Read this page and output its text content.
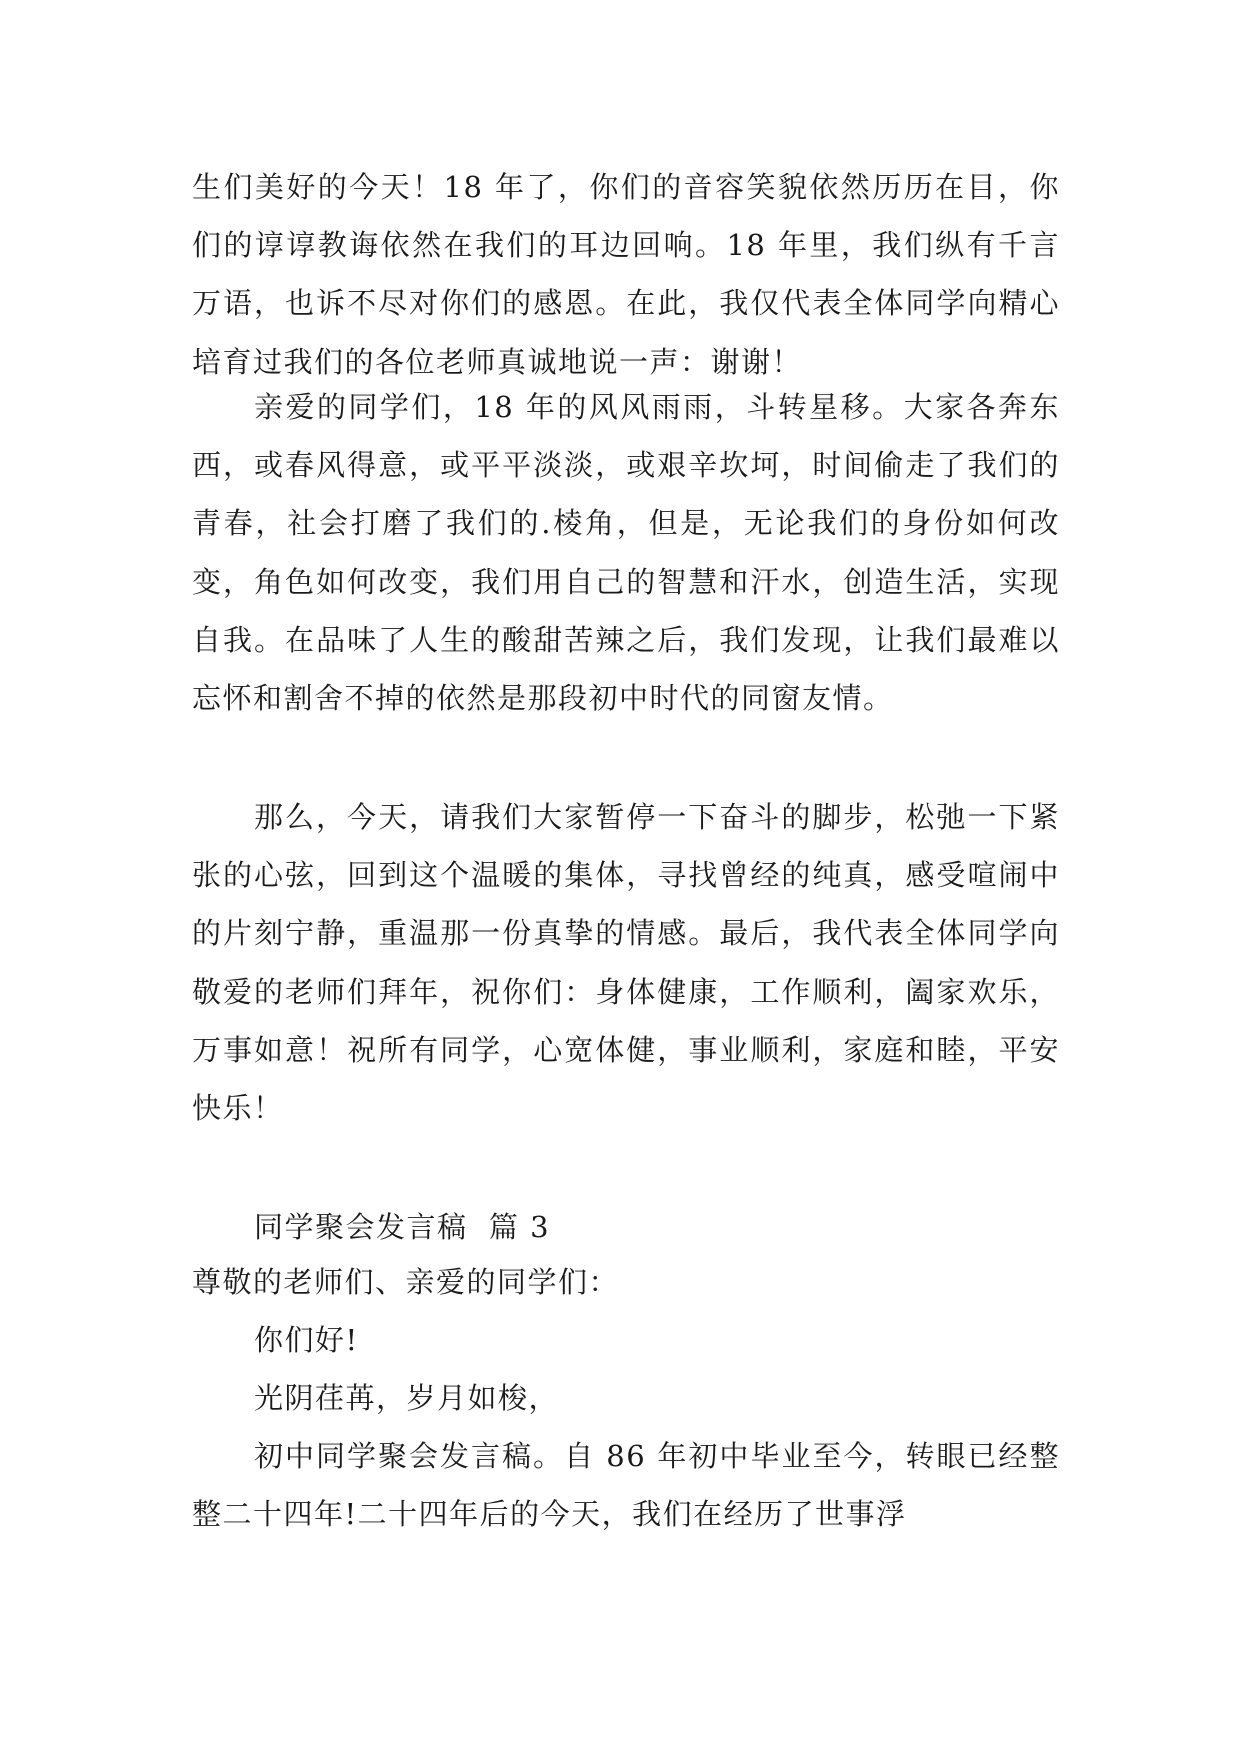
生们美好的今天！18 年了，你们的音容笑貌依然历历在目，你们的谆谆教诲依然在我们的耳边回响。18 年里，我们纵有千言万语，也诉不尽对你们的感恩。在此，我仅代表全体同学向精心培育过我们的各位老师真诚地说一声：谢谢！

亲爱的同学们，18 年的风风雨雨，斗转星移。大家各奔东西，或春风得意，或平平淡淡，或艰辛坎坷，时间偷走了我们的青春，社会打磨了我们的.棱角，但是，无论我们的身份如何改变，角色如何改变，我们用自己的智慧和汗水，创造生活，实现自我。在品味了人生的酸甜苦辣之后，我们发现，让我们最难以忘怀和割舍不掉的依然是那段初中时代的同窗友情。

那么，今天，请我们大家暂停一下奋斗的脚步，松弛一下紧张的心弦，回到这个温暖的集体，寻找曾经的纯真，感受喧闹中的片刻宁静，重温那一份真挚的情感。最后，我代表全体同学向敬爱的老师们拜年，祝你们：身体健康，工作顺利，阖家欢乐，万事如意！祝所有同学，心宽体健，事业顺利，家庭和睦，平安快乐！

同学聚会发言稿  篇 3
尊敬的老师们、亲爱的同学们：
你们好!
光阴荏苒，岁月如梭，

初中同学聚会发言稿。自 86 年初中毕业至今，转眼已经整整二十四年!二十四年后的今天，我们在经历了世事浮
